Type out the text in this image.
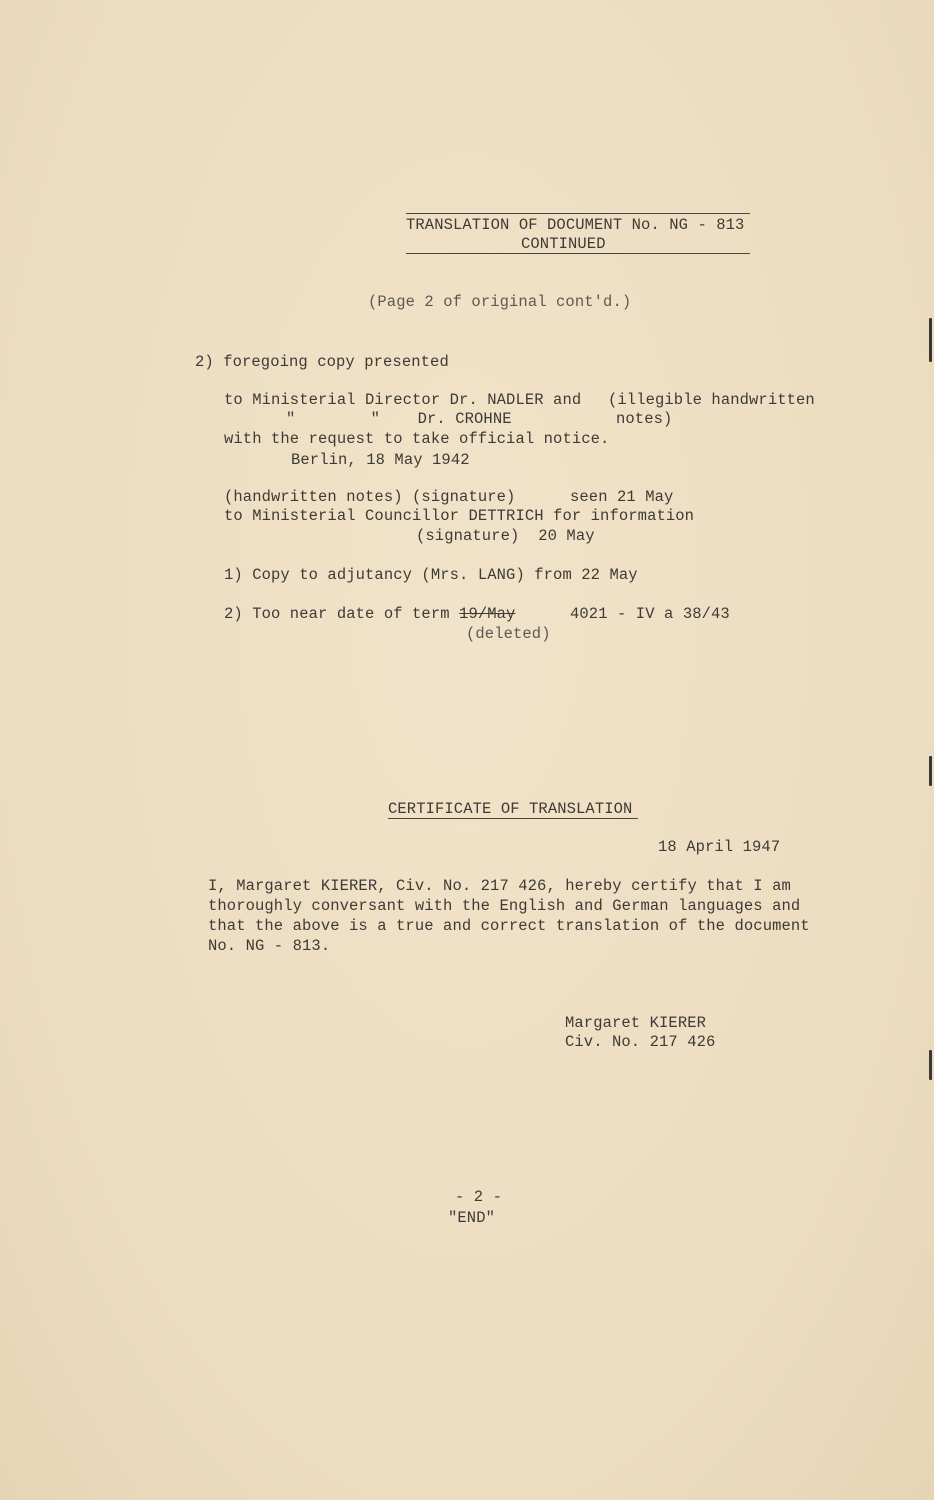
TRANSLATION OF DOCUMENT No. NG - 813
CONTINUED
(Page 2 of original cont'd.)
2) foregoing copy presented
to Ministerial Director Dr. NADLER and (illegible handwritten
"        "    Dr. CROHNE	notes)
with the request to take official notice.
Berlin, 18 May 1942
(handwritten notes) (signature)	seen 21 May
to Ministerial Councillor DETTRICH for information
(signature)  20 May
1) Copy to adjutancy (Mrs. LANG) from 22 May
2) Too near date of term 19/May	4021 - IV a 38/43
(deleted)
CERTIFICATE OF TRANSLATION
18 April 1947
I, Margaret KIERER, Civ. No. 217 426, hereby certify that I am
thoroughly conversant with the English and German languages and
that the above is a true and correct translation of the document
No. NG - 813.
Margaret KIERER
Civ. No. 217 426
- 2 -
"END"
